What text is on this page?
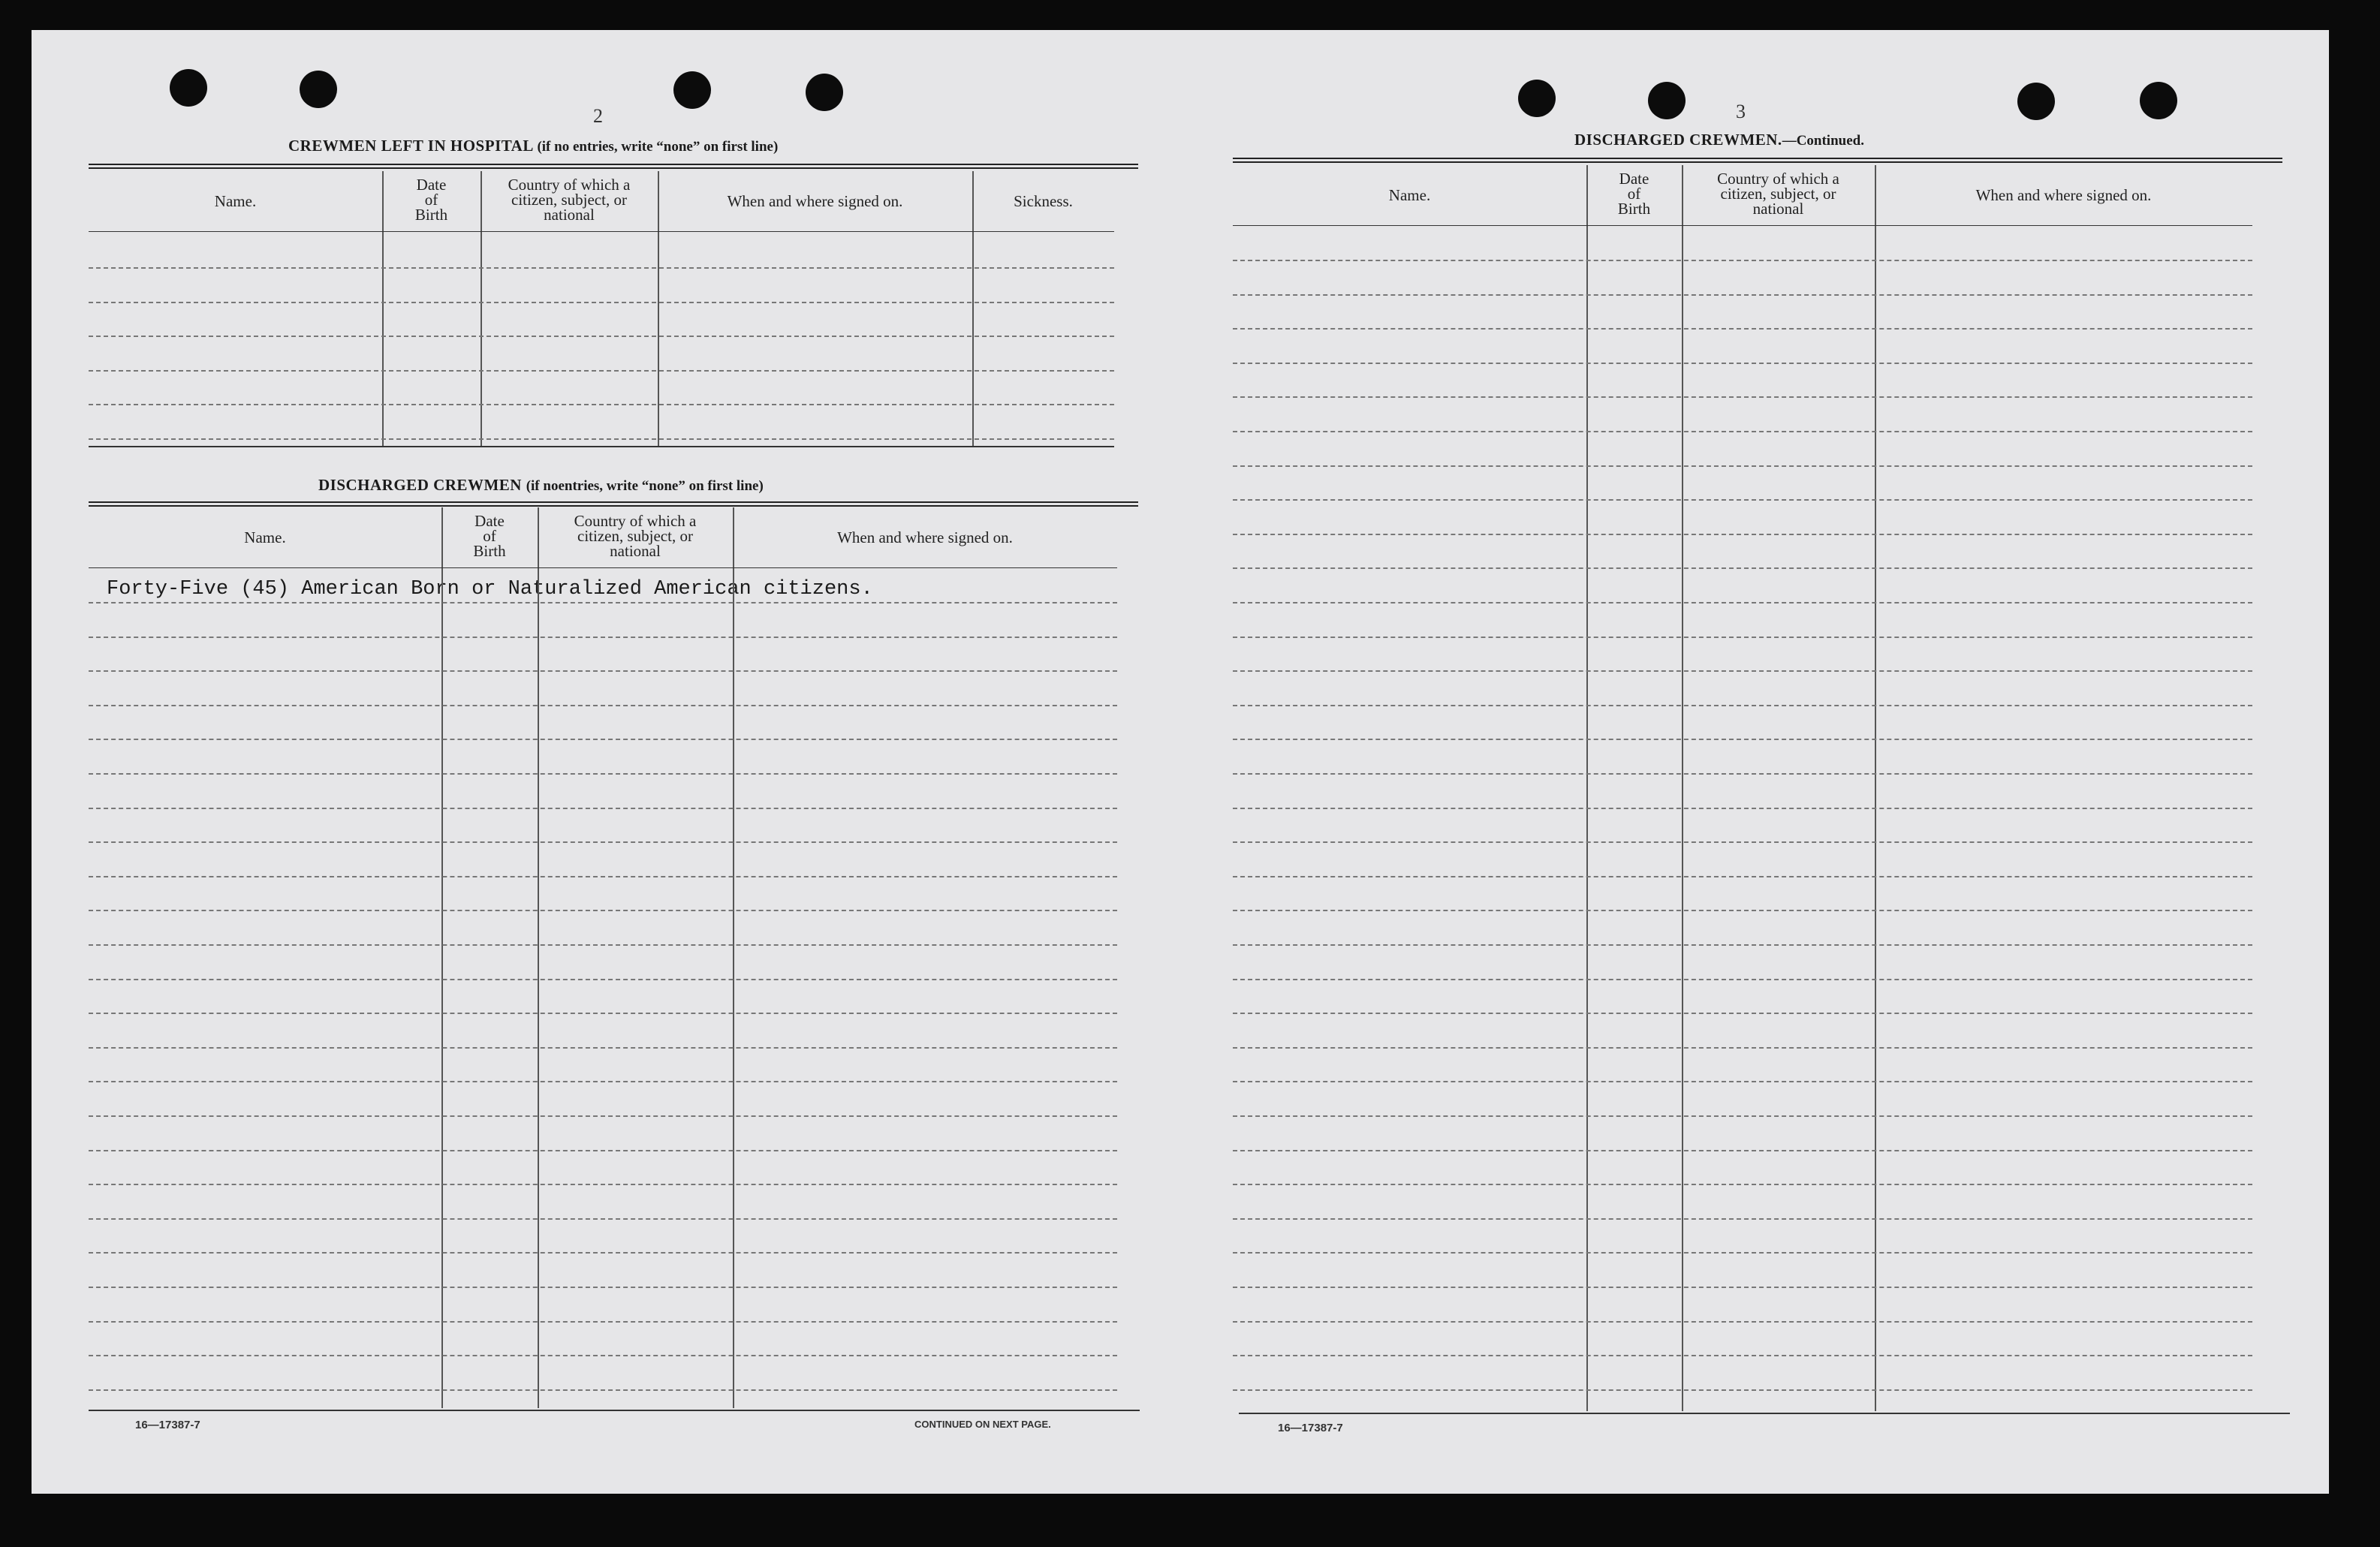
2
CREWMEN LEFT IN HOSPITAL (if no entries, write “none” on first line)
DISCHARGED CREWMEN (if noentries, write “none” on first line)
Forty-Five (45) American Born or Naturalized American citizens.
16—17387-7	CONTINUED ON NEXT PAGE.
3
DISCHARGED CREWMEN.—Continued.
16—17387-7
Name.
Date
of
Birth
Country of which a
citizen, subject, or
national
When and where signed on.	Sickness.
Name.
Date
of
Birth
Country of which a
citizen, subject, or
national
When and where signed on.
Name.
Date
of
Birth
Country of which a
citizen, subject, or
national
When and where signed on.
